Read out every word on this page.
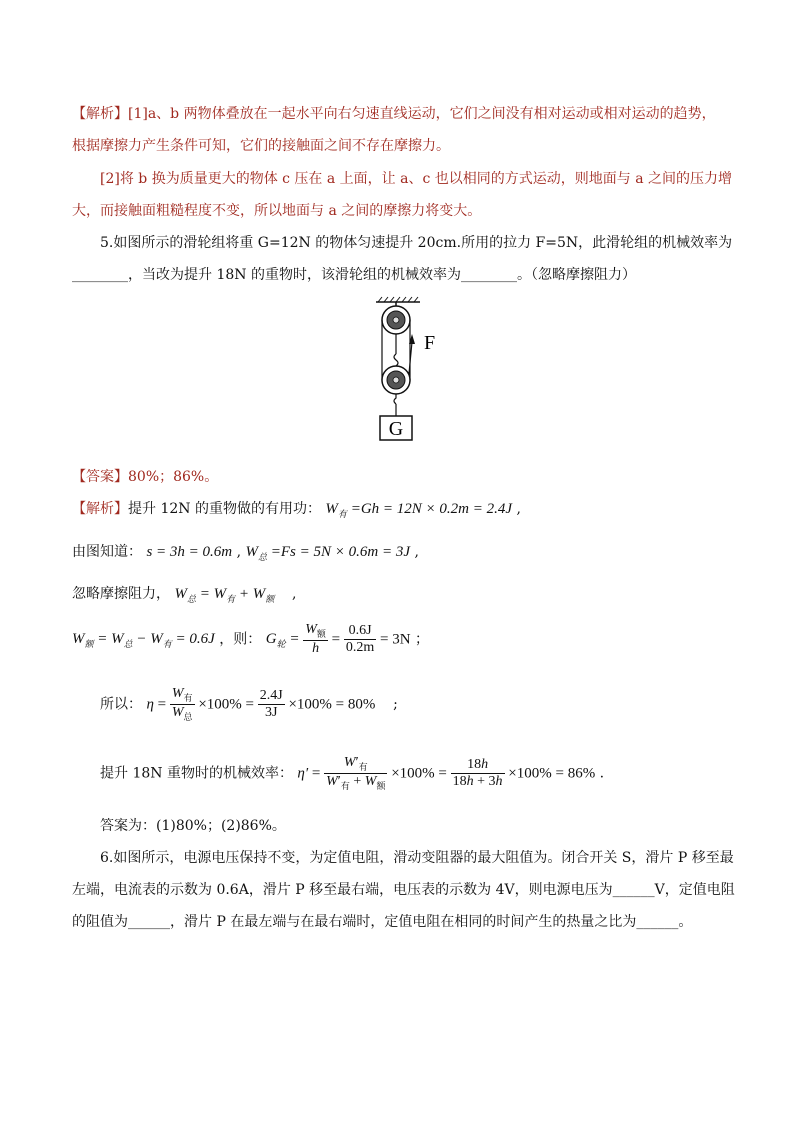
【解析】[1]a、b 两物体叠放在一起水平向右匀速直线运动，它们之间没有相对运动或相对运动的趋势，
根据摩擦力产生条件可知，它们的接触面之间不存在摩擦力。
[2]将 b 换为质量更大的物体 c 压在 a 上面，让 a、c 也以相同的方式运动，则地面与 a 之间的压力增
大，而接触面粗糙程度不变，所以地面与 a 之间的摩擦力将变大。
5.如图所示的滑轮组将重 G=12N 的物体匀速提升 20cm.所用的拉力 F=5N，此滑轮组的机械效率为
________，当改为提升 18N 的重物时，该滑轮组的机械效率为________。（忽略摩擦阻力）
G
F
【答案】80%；86%。
【解析】提升 12N 的重物做的有用功： $W_有 =Gh = 12N \times 0.2m = 2.4J$ ,
由图知道： s = 3h = 0.6m , $W_总 =Fs = 5N \times 0.6m = 3J$ ,
忽略摩擦阻力， $W_总 = W_有 + W_额$    ,
$W_额 = W_总 - W_有 = 0.6J$ ，则： $G_轮 = \frac{W_额}{h} = \frac{0.6J}{0.2m} = 3N$ ；
所以： $\eta = \frac{W_有}{W_总} \times 100\% = \frac{2.4J}{3J} \times 100\% = 80\%$    ;
提升 18N 重物时的机械效率： $\eta' = \frac{W'_有}{W'_有 + W_额} \times 100\% = \frac{18h}{18h + 3h} \times 100\% = 86\%$ .
答案为：(1)80%；(2)86%。
6.如图所示，电源电压保持不变，为定值电阻，滑动变阻器的最大阻值为。闭合开关 S，滑片 P 移至最
左端，电流表的示数为 0.6A，滑片 P 移至最右端，电压表的示数为 4V，则电源电压为______V，定值电阻
的阻值为______，滑片 P 在最左端与在最右端时，定值电阻在相同的时间产生的热量之比为______。
